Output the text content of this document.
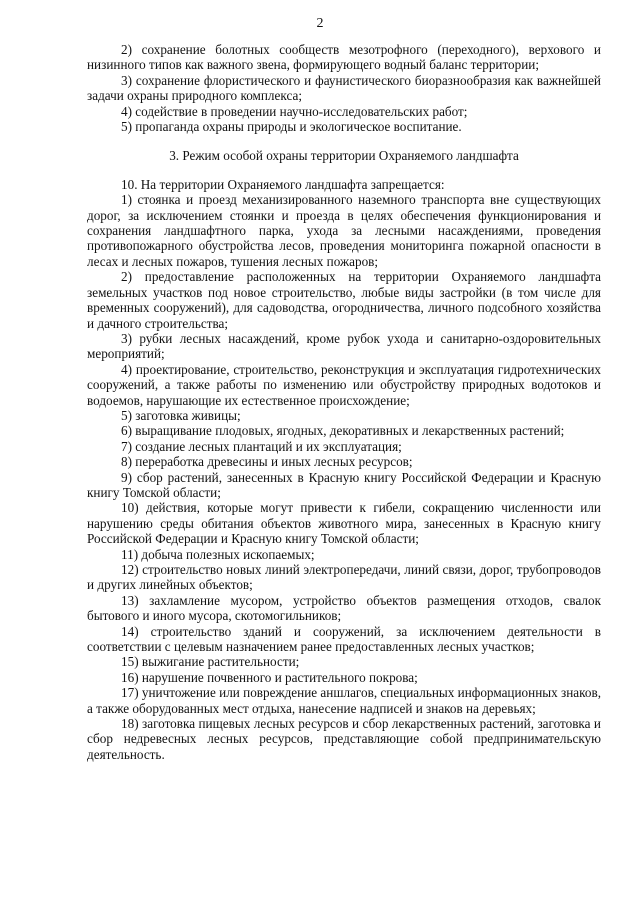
2

2) сохранение болотных сообществ мезотрофного (переходного), верхового и низинного типов как важного звена, формирующего водный баланс территории;

3) сохранение флористического и фаунистического биоразнообразия как важнейшей задачи охраны природного комплекса;

4) содействие в проведении научно-исследовательских работ;

5) пропаганда охраны природы и экологическое воспитание.

3. Режим особой охраны территории Охраняемого ландшафта

10. На территории Охраняемого ландшафта запрещается:

1) стоянка и проезд механизированного наземного транспорта вне существующих дорог, за исключением стоянки и проезда в целях обеспечения функционирования и сохранения ландшафтного парка, ухода за лесными насаждениями, проведения противопожарного обустройства лесов, проведения мониторинга пожарной опасности в лесах и лесных пожаров, тушения лесных пожаров;

2) предоставление расположенных на территории Охраняемого ландшафта земельных участков под новое строительство, любые виды застройки (в том числе для временных сооружений), для садоводства, огородничества, личного подсобного хозяйства и дачного строительства;

3) рубки лесных насаждений, кроме рубок ухода и санитарно-оздоровительных мероприятий;

4) проектирование, строительство, реконструкция и эксплуатация гидротехнических сооружений, а также работы по изменению или обустройству природных водотоков и водоемов, нарушающие их естественное происхождение;

5) заготовка живицы;

6) выращивание плодовых, ягодных, декоративных и лекарственных растений;

7) создание лесных плантаций и их эксплуатация;

8) переработка древесины и иных лесных ресурсов;

9) сбор растений, занесенных в Красную книгу Российской Федерации и Красную книгу Томской области;

10) действия, которые могут привести к гибели, сокращению численности или нарушению среды обитания объектов животного мира, занесенных в Красную книгу Российской Федерации и Красную книгу Томской области;

11) добыча полезных ископаемых;

12) строительство новых линий электропередачи, линий связи, дорог, трубопроводов и других линейных объектов;

13) захламление мусором, устройство объектов размещения отходов, свалок бытового и иного мусора, скотомогильников;

14) строительство зданий и сооружений, за исключением деятельности в соответствии с целевым назначением ранее предоставленных лесных участков;

15) выжигание растительности;

16) нарушение почвенного и растительного покрова;

17) уничтожение или повреждение аншлагов, специальных информационных знаков, а также оборудованных мест отдыха, нанесение надписей и знаков на деревьях;

18) заготовка пищевых лесных ресурсов и сбор лекарственных растений, заготовка и сбор недревесных лесных ресурсов, представляющие собой предпринимательскую деятельность.
